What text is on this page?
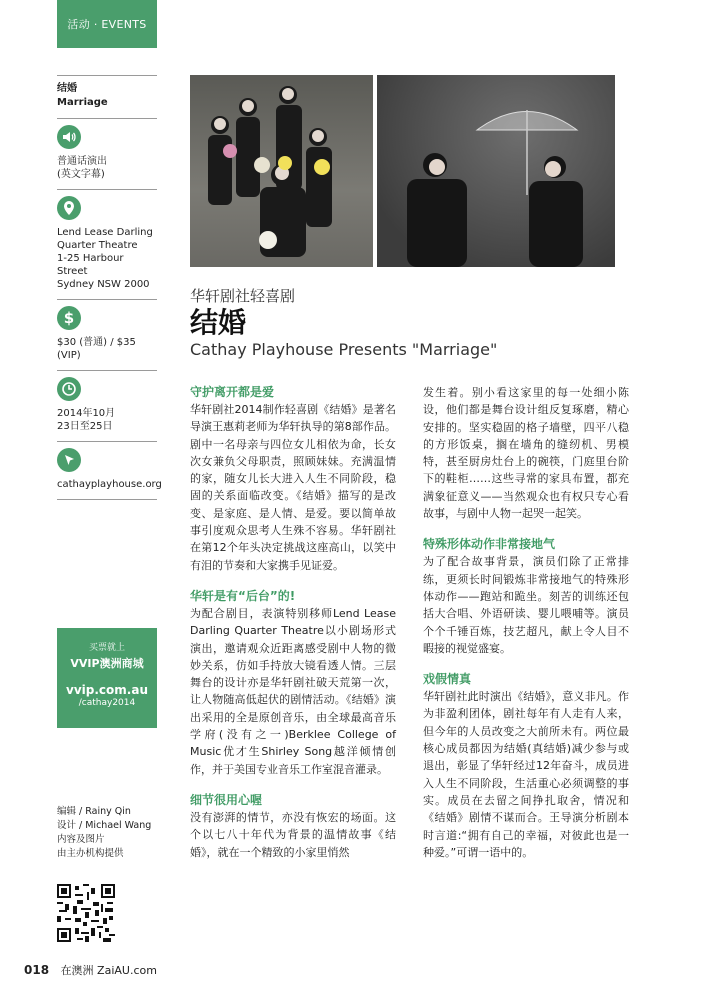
活动 · EVENTS
结婚
Marriage
普通话演出
(英文字幕)
Lend Lease Darling
Quarter Theatre
1-25 Harbour Street
Sydney NSW 2000
$
$30 (普通) / $35 (VIP)
2014年10月
23日至25日
cathayplayhouse.org
买票就上
VVIP澳洲商城
vvip.com.au
/cathay2014
编辑 / Rainy Qin
设计 / Michael Wang
内容及图片
由主办机构提供
华轩剧社轻喜剧
结婚
Cathay Playhouse Presents "Marriage"

守护离开都是爱

华轩剧社2014制作轻喜剧《结婚》是著名导演王惠莉老师为华轩执导的第8部作品。剧中一名母亲与四位女儿相依为命，长女次女兼负父母职责，照顾妹妹。充满温情的家，随女儿长大进入人生不同阶段，稳固的关系面临改变。《结婚》描写的是改变、是家庭、是人情、是爱。要以简单故事引度观众思考人生殊不容易。华轩剧社在第12个年头决定挑战这座高山，以笑中有泪的节奏和大家携手见证爱。

华轩是有“后台”的!

为配合剧目，表演特别移师Lend Lease Darling Quarter Theatre以小剧场形式演出，邀请观众近距离感受剧中人物的微妙关系，仿如手持放大镜看透人情。三层舞台的设计亦是华轩剧社破天荒第一次，让人物随高低起伏的剧情活动。《结婚》演出采用的全是原创音乐，由全球最高音乐学府(没有之一)Berklee College of Music优才生Shirley Song越洋倾情创作，并于美国专业音乐工作室混音灌录。

细节很用心喔

没有澎湃的情节，亦没有恢宏的场面。这个以七八十年代为背景的温情故事《结婚》，就在一个精致的小家里悄然

发生着。别小看这家里的每一处细小陈设，他们都是舞台设计组反复琢磨，精心安排的。坚实稳固的格子墙壁，四平八稳的方形饭桌，搁在墙角的缝纫机、男模特，甚至厨房灶台上的碗筷，门庭里台阶下的鞋柜……这些寻常的家具布置，都充满象征意义——当然观众也有权只专心看故事，与剧中人物一起哭一起笑。

特殊形体动作非常接地气

为了配合故事背景，演员们除了正常排练，更须长时间锻炼非常接地气的特殊形体动作——跑站和跪坐。刻苦的训练还包括大合唱、外语研读、婴儿喂哺等。演员个个千锤百炼，技艺超凡，献上令人目不暇接的视觉盛宴。

戏假情真

华轩剧社此时演出《结婚》，意义非凡。作为非盈利团体，剧社每年有人走有人来，但今年的人员改变之大前所未有。两位最核心成员都因为结婚(真结婚)减少参与或退出，彰显了华轩经过12年奋斗，成员进入人生不同阶段，生活重心必须调整的事实。成员在去留之间挣扎取舍，情况和《结婚》剧情不谋而合。王导演分析剧本时言道:“拥有自己的幸福，对彼此也是一种爱。”可谓一语中的。

018 在澳洲 ZaiAU.com
